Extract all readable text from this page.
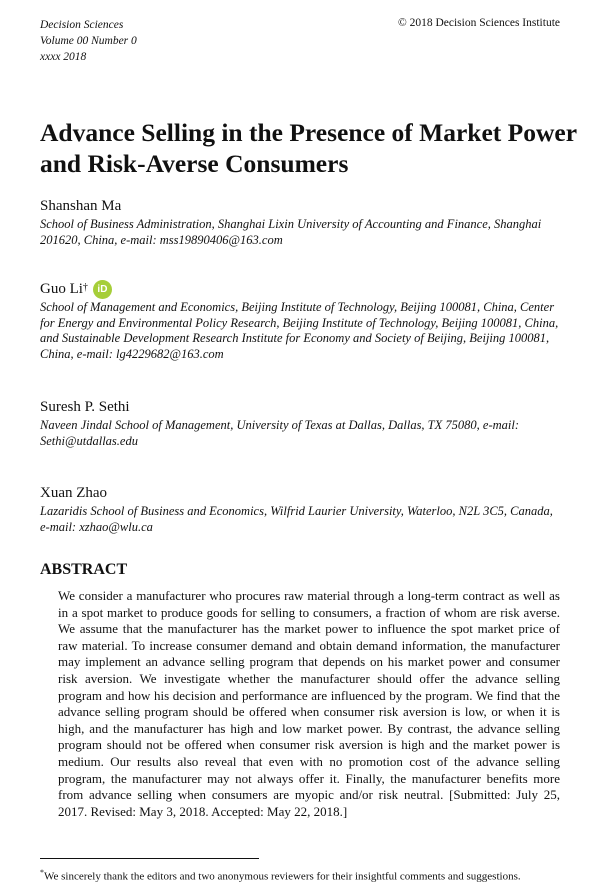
Decision Sciences
Volume 00 Number 0
xxxx 2018
© 2018 Decision Sciences Institute
Advance Selling in the Presence of Market Power and Risk-Averse Consumers
Shanshan Ma
School of Business Administration, Shanghai Lixin University of Accounting and Finance, Shanghai 201620, China, e-mail: mss19890406@163.com
Guo Li† iD
School of Management and Economics, Beijing Institute of Technology, Beijing 100081, China, Center for Energy and Environmental Policy Research, Beijing Institute of Technology, Beijing 100081, China, and Sustainable Development Research Institute for Economy and Society of Beijing, Beijing 100081, China, e-mail: lg4229682@163.com
Suresh P. Sethi
Naveen Jindal School of Management, University of Texas at Dallas, Dallas, TX 75080, e-mail: Sethi@utdallas.edu
Xuan Zhao
Lazaridis School of Business and Economics, Wilfrid Laurier University, Waterloo, N2L 3C5, Canada, e-mail: xzhao@wlu.ca
ABSTRACT

We consider a manufacturer who procures raw material through a long-term contract as well as in a spot market to produce goods for selling to consumers, a fraction of whom are risk averse. We assume that the manufacturer has the market power to influence the spot market price of raw material. To increase consumer demand and obtain demand information, the manufacturer may implement an advance selling program that depends on his market power and consumer risk aversion. We investigate whether the manufacturer should offer the advance selling program and how his decision and performance are influenced by the program. We find that the advance selling program should be offered when consumer risk aversion is low, or when it is high, and the manufacturer has high and low market power. By contrast, the advance selling program should not be offered when consumer risk aversion is high and the market power is medium. Our results also reveal that even with no promotion cost of the advance selling program, the manufacturer may not always offer it. Finally, the manufacturer benefits more from advance selling when consumers are myopic and/or risk neutral. [Submitted: July 25, 2017. Revised: May 3, 2018. Accepted: May 22, 2018.]

*We sincerely thank the editors and two anonymous reviewers for their insightful comments and suggestions.
